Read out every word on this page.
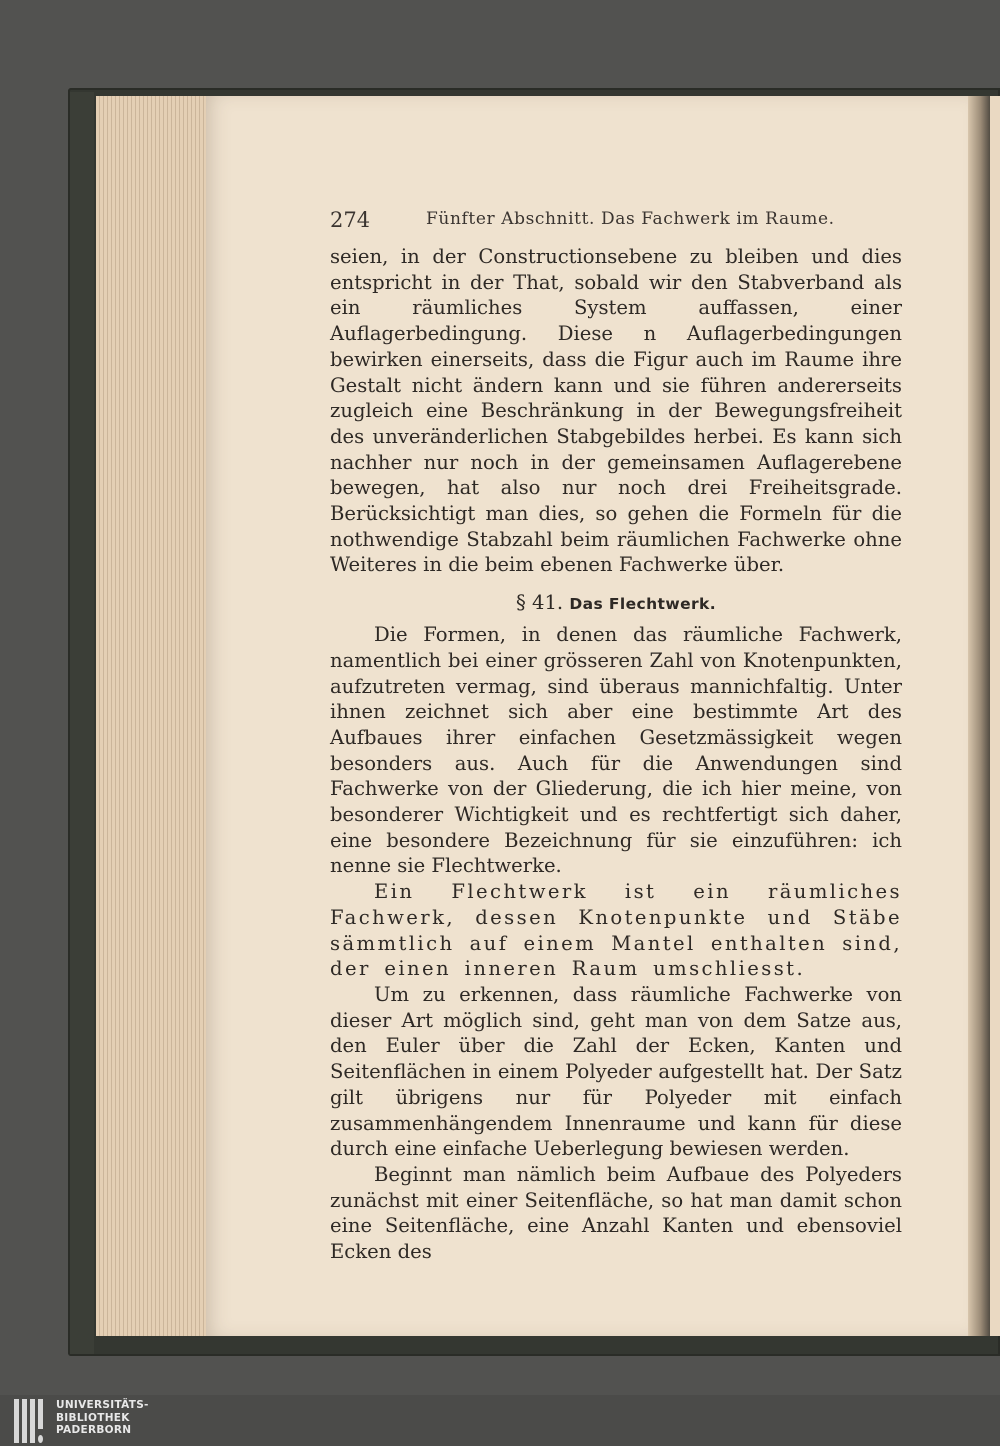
274	Fünfter Abschnitt. Das Fachwerk im Raume.

seien, in der Constructionsebene zu bleiben und dies entspricht in der That, sobald wir den Stabverband als ein räumliches System auffassen, einer Auflagerbedingung. Diese n Auflagerbedingungen bewirken einerseits, dass die Figur auch im Raume ihre Gestalt nicht ändern kann und sie führen andererseits zugleich eine Beschränkung in der Bewegungsfreiheit des unveränderlichen Stabgebildes herbei. Es kann sich nachher nur noch in der gemeinsamen Auflagerebene bewegen, hat also nur noch drei Freiheitsgrade. Berücksichtigt man dies, so gehen die Formeln für die nothwendige Stabzahl beim räumlichen Fachwerke ohne Weiteres in die beim ebenen Fachwerke über.

§ 41. Das Flechtwerk.

Die Formen, in denen das räumliche Fachwerk, namentlich bei einer grösseren Zahl von Knotenpunkten, aufzutreten vermag, sind überaus mannichfaltig. Unter ihnen zeichnet sich aber eine bestimmte Art des Aufbaues ihrer einfachen Gesetzmässigkeit wegen besonders aus. Auch für die Anwendungen sind Fachwerke von der Gliederung, die ich hier meine, von besonderer Wichtigkeit und es rechtfertigt sich daher, eine besondere Bezeichnung für sie einzuführen: ich nenne sie Flechtwerke.

Ein Flechtwerk ist ein räumliches Fachwerk, dessen Knotenpunkte und Stäbe sämmtlich auf einem Mantel enthalten sind, der einen inneren Raum umschliesst.

Um zu erkennen, dass räumliche Fachwerke von dieser Art möglich sind, geht man von dem Satze aus, den Euler über die Zahl der Ecken, Kanten und Seitenflächen in einem Polyeder aufgestellt hat. Der Satz gilt übrigens nur für Polyeder mit einfach zusammenhängendem Innenraume und kann für diese durch eine einfache Ueberlegung bewiesen werden.

Beginnt man nämlich beim Aufbaue des Polyeders zunächst mit einer Seitenfläche, so hat man damit schon eine Seitenfläche, eine Anzahl Kanten und ebensoviel Ecken des

UNIVERSITÄTS-
BIBLIOTHEK
PADERBORN
